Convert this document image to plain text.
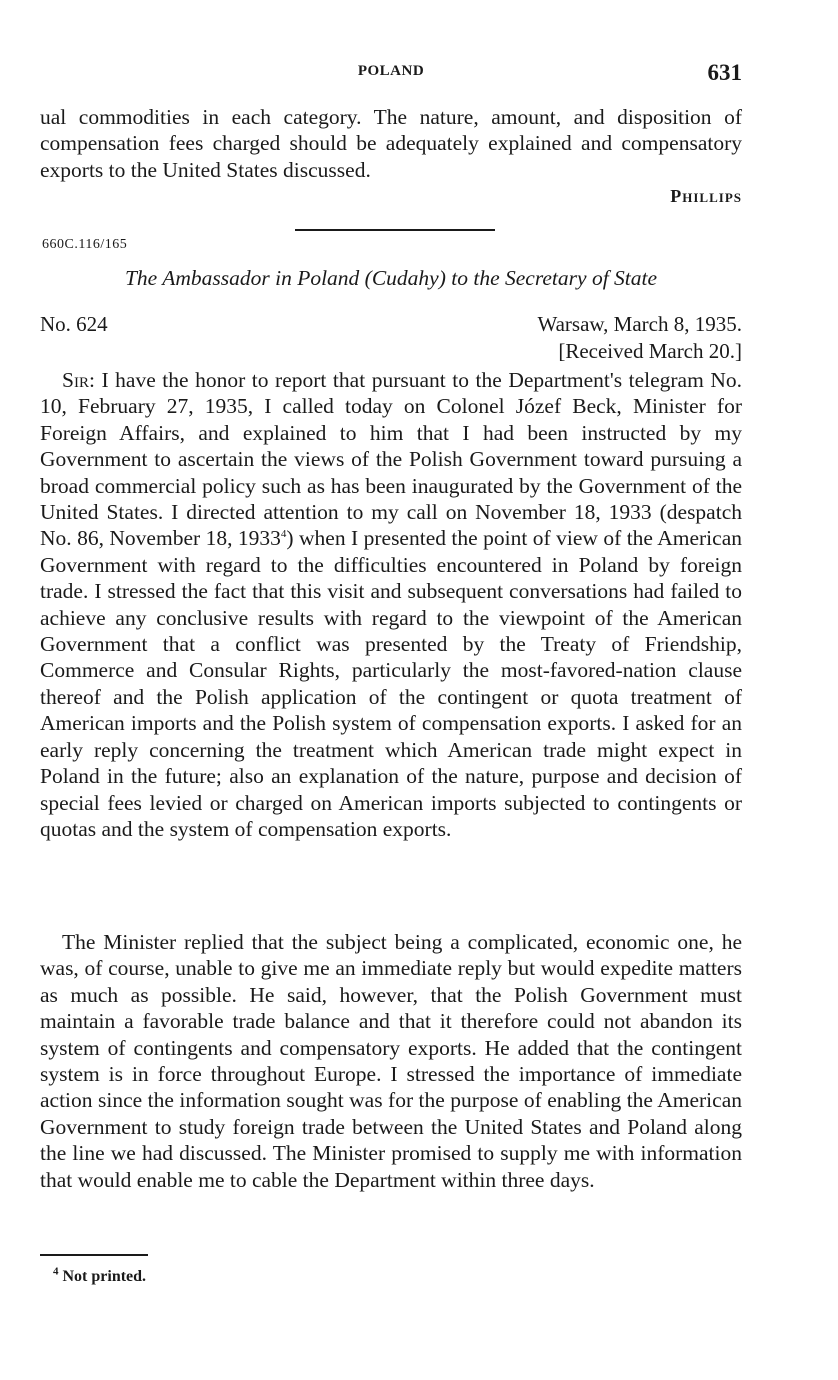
POLAND	631
ual commodities in each category. The nature, amount, and disposition of compensation fees charged should be adequately explained and compensatory exports to the United States discussed.
Phillips
660C.116/165
The Ambassador in Poland (Cudahy) to the Secretary of State
No. 624	Warsaw, March 8, 1935.
[Received March 20.]
Sir: I have the honor to report that pursuant to the Department's telegram No. 10, February 27, 1935, I called today on Colonel Józef Beck, Minister for Foreign Affairs, and explained to him that I had been instructed by my Government to ascertain the views of the Polish Government toward pursuing a broad commercial policy such as has been inaugurated by the Government of the United States. I directed attention to my call on November 18, 1933 (despatch No. 86, November 18, 1933$^4$) when I presented the point of view of the American Government with regard to the difficulties encountered in Poland by foreign trade. I stressed the fact that this visit and subsequent conversations had failed to achieve any conclusive results with regard to the viewpoint of the American Government that a conflict was presented by the Treaty of Friendship, Commerce and Consular Rights, particularly the most-favored-nation clause thereof and the Polish application of the contingent or quota treatment of American imports and the Polish system of compensation exports. I asked for an early reply concerning the treatment which American trade might expect in Poland in the future; also an explanation of the nature, purpose and decision of special fees levied or charged on American imports subjected to contingents or quotas and the system of compensation exports.
The Minister replied that the subject being a complicated, economic one, he was, of course, unable to give me an immediate reply but would expedite matters as much as possible. He said, however, that the Polish Government must maintain a favorable trade balance and that it therefore could not abandon its system of contingents and compensatory exports. He added that the contingent system is in force throughout Europe. I stressed the importance of immediate action since the information sought was for the purpose of enabling the American Government to study foreign trade between the United States and Poland along the line we had discussed. The Minister promised to supply me with information that would enable me to cable the Department within three days.
$^4$ Not printed.
